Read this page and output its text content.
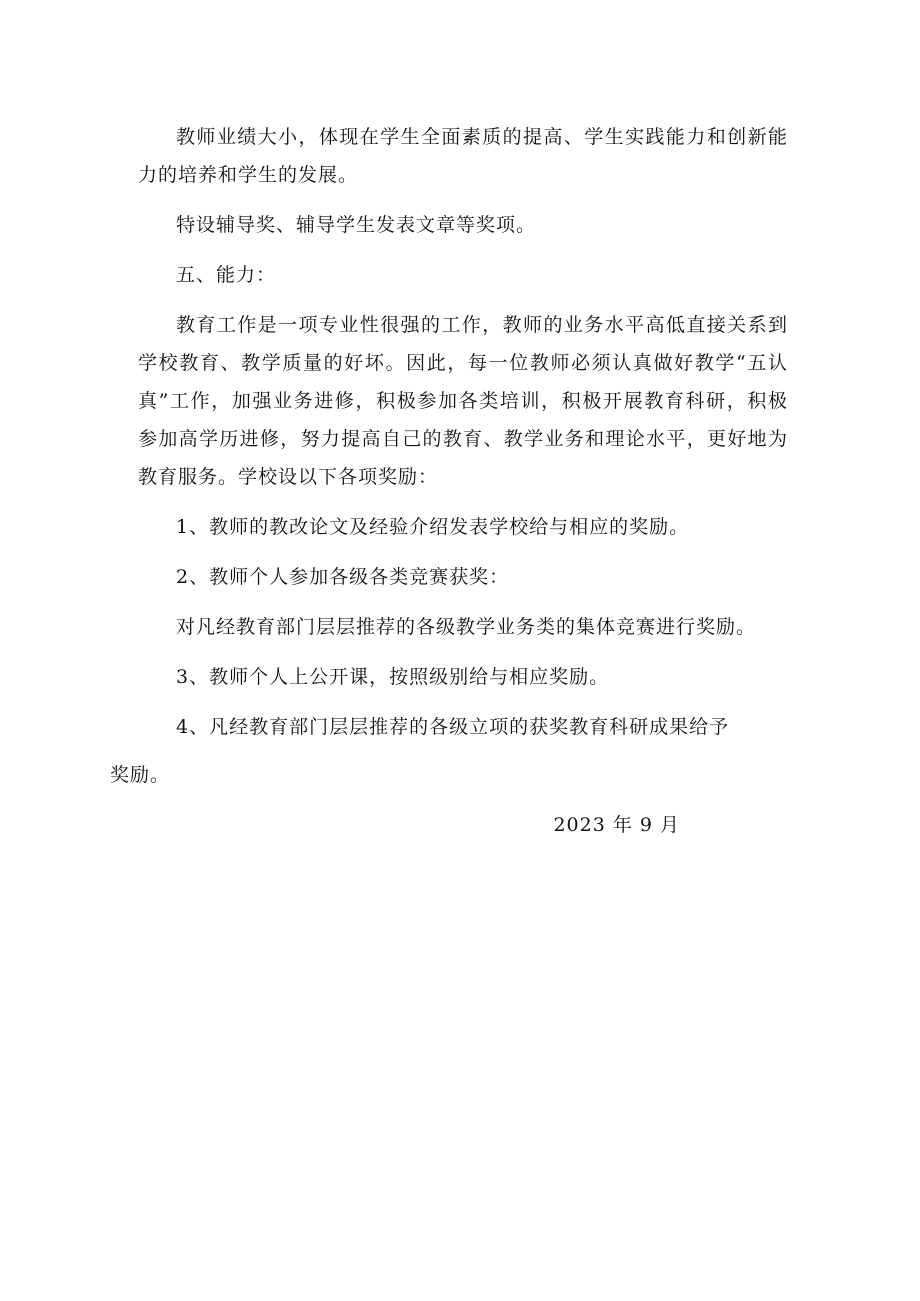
教师业绩大小，体现在学生全面素质的提高、学生实践能力和创新能力的培养和学生的发展。

特设辅导奖、辅导学生发表文章等奖项。

五、能力：

教育工作是一项专业性很强的工作，教师的业务水平高低直接关系到学校教育、教学质量的好坏。因此，每一位教师必须认真做好教学“五认真”工作，加强业务进修，积极参加各类培训，积极开展教育科研，积极参加高学历进修，努力提高自己的教育、教学业务和理论水平，更好地为教育服务。学校设以下各项奖励：

1、教师的教改论文及经验介绍发表学校给与相应的奖励。

2、教师个人参加各级各类竞赛获奖：

对凡经教育部门层层推荐的各级教学业务类的集体竞赛进行奖励。

3、教师个人上公开课，按照级别给与相应奖励。

4、凡经教育部门层层推荐的各级立项的获奖教育科研成果给予

奖励。

2023 年 9 月
